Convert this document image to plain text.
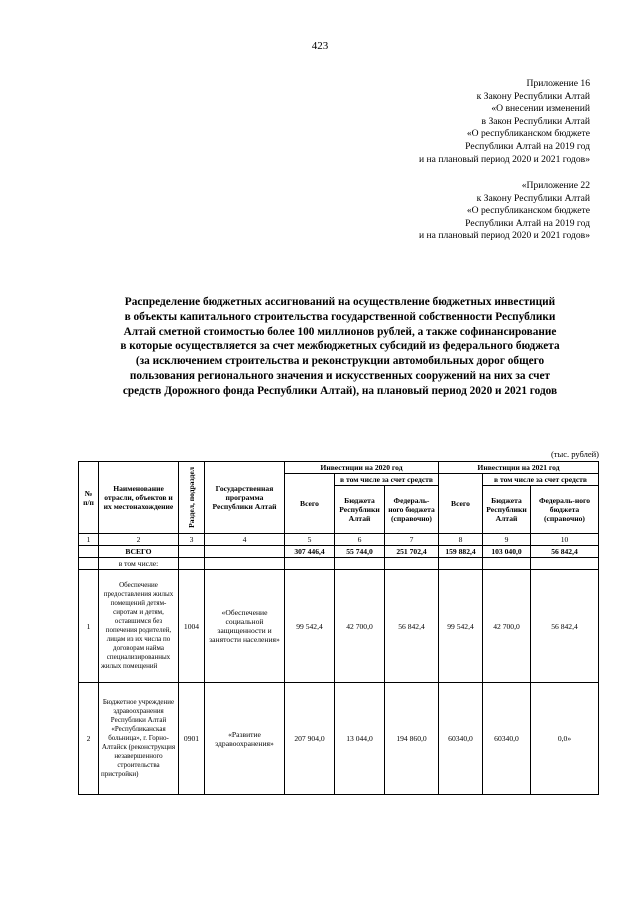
423
Приложение 16
к Закону Республики Алтай
«О внесении изменений
в Закон Республики Алтай
«О республиканском бюджете
Республики Алтай на 2019 год
и на плановый период 2020 и 2021 годов»
«Приложение 22
к Закону Республики Алтай
«О республиканском бюджете
Республики Алтай на 2019 год
и на плановый период 2020 и 2021 годов»
Распределение бюджетных ассигнований на осуществление бюджетных инвестиций
в объекты капитального строительства государственной собственности Республики
Алтай сметной стоимостью более 100 миллионов рублей, а также софинансирование
в которые осуществляется за счет межбюджетных субсидий из федерального бюджета
(за исключением строительства и реконструкции автомобильных дорог общего
пользования регионального значения и искусственных сооружений на них за счет
средств Дорожного фонда Республики Алтай), на плановый период 2020 и 2021 годов
(тыс. рублей)
№ п/п	Наименование отрасли, объектов и их местонахождение	Раздел, подраздел	Государственная программа Республики Алтай	Инвестиции на 2020 год			Инвестиции на 2021 год		
				Всего	в том числе за счет средств		Всего	в том числе за счет средств	
					Бюджета Республики Алтай	Федераль-ного бюджета (справочно)		Бюджета Республики Алтай	Федераль-ного бюджета (справочно)
1	2	3	4	5	6	7	8	9	10
	ВСЕГО			307 446,4	55 744,0	251 702,4	159 882,4	103 040,0	56 842,4
	в том числе:								
1	Обеспечение предоставления жилых помещений детям-сиротам и детям, оставшимся без попечения родителей, лицам из их числа по договорам найма специализированных жилых помещений	1004	«Обеспечение социальной защищенности и занятости населения»	99 542,4	42 700,0	56 842,4	99 542,4	42 700,0	56 842,4
2	Бюджетное учреждение здравоохранения Республики Алтай «Республиканская больница», г. Горно-Алтайск (реконструкция незавершенного строительства пристройки)	0901	«Развитие здравоохранения»	207 904,0	13 044,0	194 860,0	60340,0	60340,0	0,0»
